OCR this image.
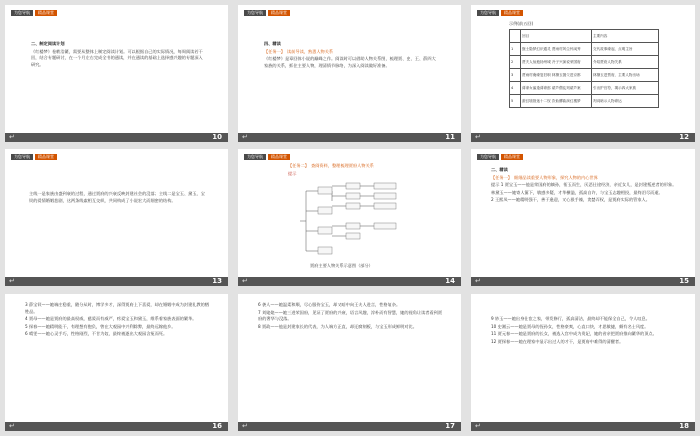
为您导航	精品课堂

二、制定阅读计划

《红楼梦》卷帙浩繁，需要从整体上制定阅读计划。可以根据自己的实际情况，每周阅读若干回，结合专题研讨，在一个月左右完成全书的通读，并在通读的基础上选择感兴趣的专题深入研究。

↵	10
为您导航	精品课堂

四、精读

【任务一】　读前导读，熟悉人物关系

《红楼梦》是章回体小说的巅峰之作。阅读时可以借助人物关系图，梳理贾、史、王、薛四大家族的关系，抓住主要人物，理清情节脉络，为深入阅读做好准备。

↵	11
为您导航	精品课堂
示例(前五回)
	回目	主要内容
1	甄士隐梦幻识通灵 贾雨村风尘怀闺秀	交代故事缘起，点明主旨
2	贾夫人仙逝扬州城 冷子兴演说荣国府	介绍贾府人物关系
3	贾雨村夤缘复旧职 林黛玉抛父进京都	林黛玉进贾府，主要人物出场
4	薄命女偏逢薄命郎 葫芦僧乱判葫芦案	引出护官符，揭示四大家族
5	游幻境指迷十二钗 饮仙醪曲演红楼梦	判词暗示人物命运
↵	12
为您导航	精品课堂

主线一是家族由盛到衰的过程，通过贾府的兴衰反映封建社会的没落；主线二是宝玉、黛玉、宝钗的爱情婚姻悲剧，这两条线索相互交织，共同构成了小说宏大而细密的结构。

↵	13
为您导航	精品课堂

【任务二】　查阅资料，整理梳理贾府人物关系

提示

贾府主要人物关系示意图（部分）
↵	14
为您导航	精品课堂

二、精读

【任务一】　细细品读重要人物形象，探究人物的内心世界

提示 1 贾宝玉——他是荣国府的嫡孙，衔玉而生，厌恶仕途经济，亲近女儿，是封建叛逆者的形象。

林黛玉——她寄人篱下，敏感多疑，才华横溢，孤高自许，与宝玉志趣相投，最终泪尽而逝。

2 王熙凤——她精明强干，善于逢迎，又心狠手辣，贪婪弄权，是贾府实际的管家人。

↵	15

3 薛宝钗——她端庄稳重，随分从时，博学多才，深得贾府上下喜爱，却在婚姻中成为封建礼教的牺牲品。

4 贾母——她是贾府的最高权威，慈爱而有威严，疼爱宝玉和黛玉，维系着家族表面的繁华。

5 探春——她精明能干，有理想有抱负，曾在大观园中兴利除弊，最终远嫁他乡。

6 晴雯——她心灵手巧，性格刚烈，不甘为奴，最终被逐出大观园含冤而死。

↵	16

6 袭人——她温柔和顺，尽心服侍宝玉，却又暗中向王夫人进言，性格复杂。

7 刘姥姥——她三进荣国府，见证了贾府的兴衰，语言风趣，淳朴而有智慧，她的视角让读者看到贾府的奢华与没落。

8 贾政——他是封建家长的代表，为人端方正直，却迂腐刻板，与宝玉形成鲜明对比。

↵	17

9 妙玉——她出身仕宦之家，带发修行，孤高清洁，最终却不能保全自己，令人叹息。

10 史湘云——她是贾母的侄孙女，性格豪爽，心直口快，才思敏捷，颇有名士风度。

11 贾元春——她是贾府的长女，被选入宫中成为贵妃，她的省亲把贾府推向繁华的顶点。

12 贾探春——她在理家中显示出过人的才干，是贾府中难得的清醒者。

↵	18
